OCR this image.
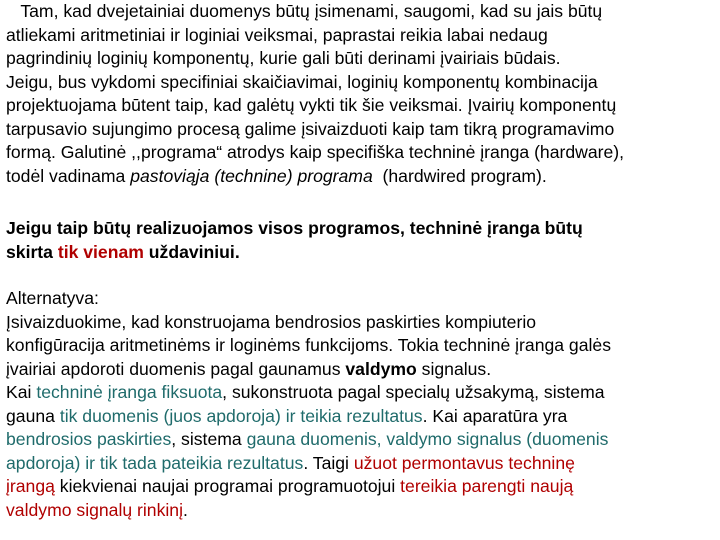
Tam, kad dvejetainiai duomenys būtų įsimenami, saugomi, kad su jais būtų
atliekami aritmetiniai ir loginiai veiksmai, paprastai reikia labai nedaug
pagrindinių loginių komponentų, kurie gali būti derinami įvairiais būdais.
Jeigu, bus vykdomi specifiniai skaičiavimai, loginių komponentų kombinacija
projektuojama būtent taip, kad galėtų vykti tik šie veiksmai. Įvairių komponentų
tarpusavio sujungimo procesą galime įsivaizduoti kaip tam tikrą programavimo
formą. Galutinė ,,programa“ atrodys kaip specifiška techninė įranga (hardware),
todėl vadinama pastoviąja (technine) programa  (hardwired program).
Jeigu taip būtų realizuojamos visos programos, techninė įranga būtų
skirta tik vienam uždaviniui.
Alternatyva:
Įsivaizduokime, kad konstruojama bendrosios paskirties kompiuterio
konfigūracija aritmetinėms ir loginėms funkcijoms. Tokia techninė įranga galės
įvairiai apdoroti duomenis pagal gaunamus valdymo signalus.
Kai techninė įranga fiksuota, sukonstruota pagal specialų užsakymą, sistema
gauna tik duomenis (juos apdoroja) ir teikia rezultatus. Kai aparatūra yra
bendrosios paskirties, sistema gauna duomenis, valdymo signalus (duomenis
apdoroja) ir tik tada pateikia rezultatus. Taigi užuot permontavus techninę
įrangą kiekvienai naujai programai programuotojui tereikia parengti naują
valdymo signalų rinkinį.
